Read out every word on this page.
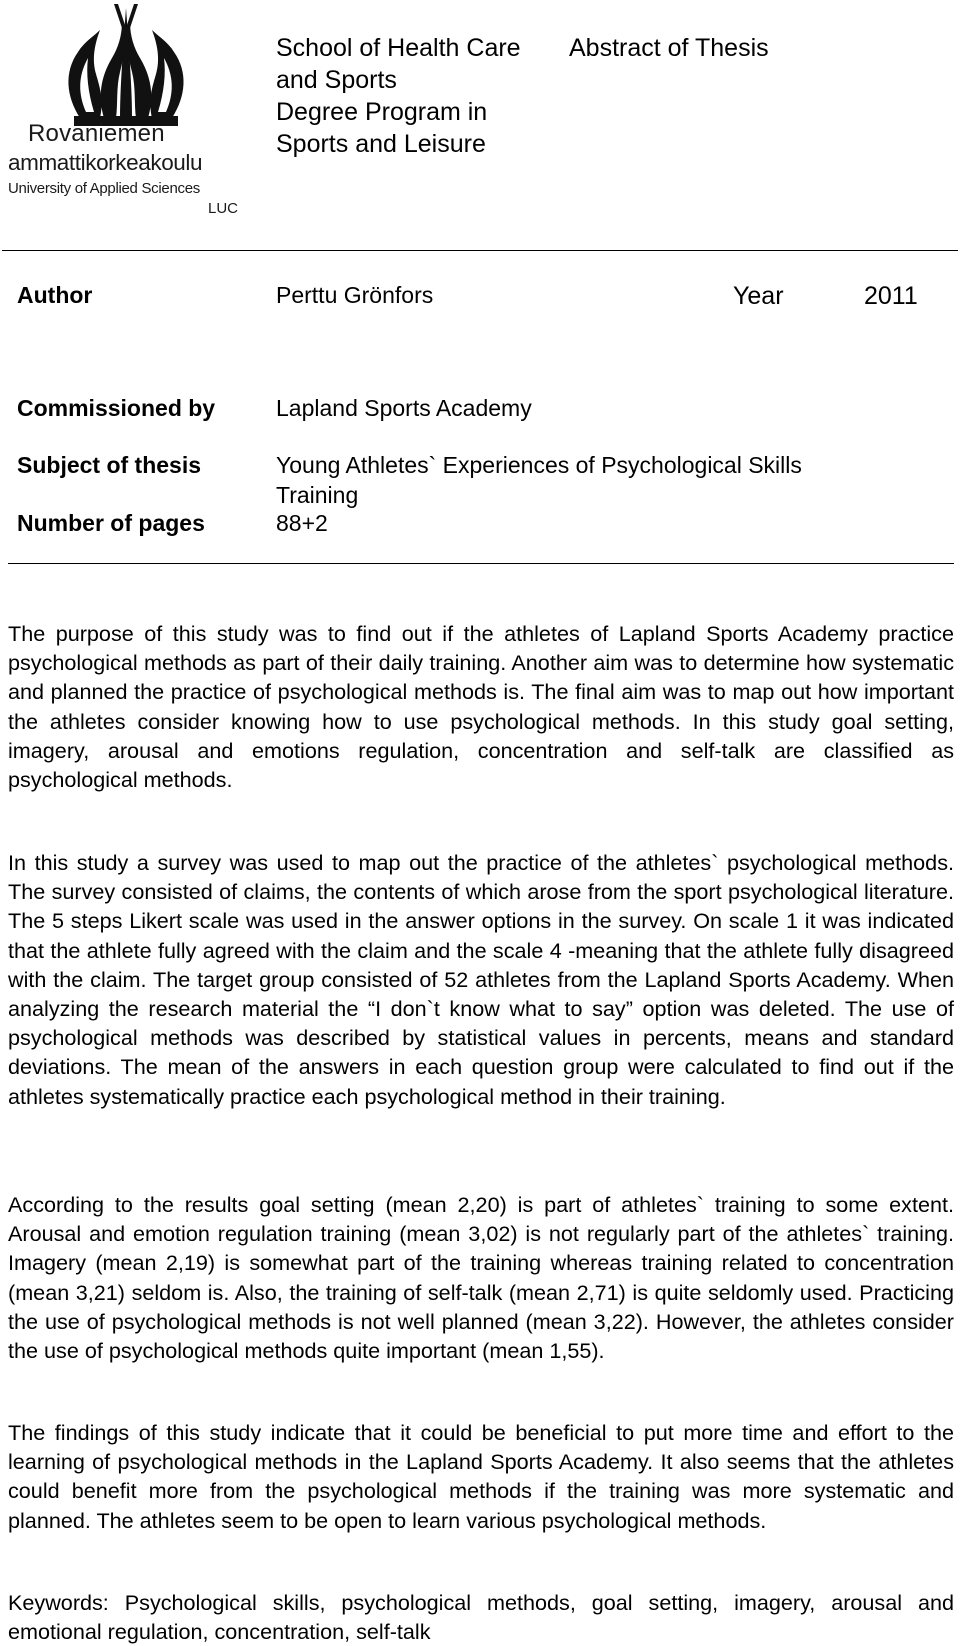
Rovaniemen
ammattikorkeakoulu
University of Applied Sciences
LUC
School of Health Care
and Sports
Degree Program in
Sports and Leisure
Abstract of Thesis
Author	Perttu Grönfors	Year	2011
Commissioned by	Lapland Sports Academy
Subject of thesis	Young Athletes` Experiences of Psychological Skills
Training
Number of pages	88+2

The purpose of this study was to find out if the athletes of Lapland Sports Academy practice psychological methods as part of their daily training. Another aim was to determine how systematic and planned the practice of psychological methods is. The final aim was to map out how important the athletes consider knowing how to use psychological methods. In this study goal setting, imagery, arousal and emotions regulation, concentration and self-talk are classified as psychological methods.

In this study a survey was used to map out the practice of the athletes` psychological methods. The survey consisted of claims, the contents of which arose from the sport psychological literature. The 5 steps Likert scale was used in the answer options in the survey. On scale 1 it was indicated that the athlete fully agreed with the claim and the scale 4 -meaning that the athlete fully disagreed with the claim. The target group consisted of 52 athletes from the Lapland Sports Academy. When analyzing the research material the “I don`t know what to say” option was deleted. The use of psychological methods was described by statistical values in percents, means and standard deviations. The mean of the answers in each question group were calculated to find out if the athletes systematically practice each psychological method in their training.

According to the results goal setting (mean 2,20) is part of athletes` training to some extent. Arousal and emotion regulation training (mean 3,02) is not regularly part of the athletes` training. Imagery (mean 2,19) is somewhat part of the training whereas training related to concentration (mean 3,21) seldom is. Also, the training of self-talk (mean 2,71) is quite seldomly used. Practicing the use of psychological methods is not well planned (mean 3,22). However, the athletes consider the use of psychological methods quite important (mean 1,55).

The findings of this study indicate that it could be beneficial to put more time and effort to the learning of psychological methods in the Lapland Sports Academy. It also seems that the athletes could benefit more from the psychological methods if the training was more systematic and planned. The athletes seem to be open to learn various psychological methods.

Keywords: Psychological skills, psychological methods, goal setting, imagery, arousal and emotional regulation, concentration, self-talk
